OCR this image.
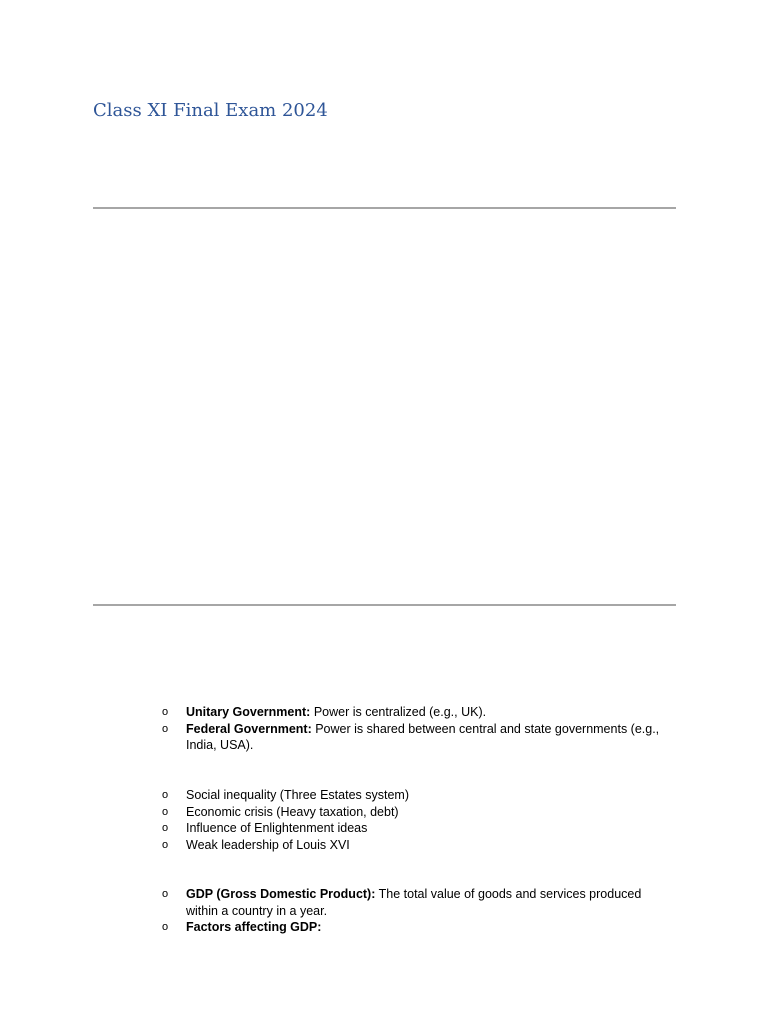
Class XI Final Exam 2024
o Unitary Government: Power is centralized (e.g., UK).
o Federal Government: Power is shared between central and state governments (e.g., India, USA).
o Social inequality (Three Estates system)
o Economic crisis (Heavy taxation, debt)
o Influence of Enlightenment ideas
o Weak leadership of Louis XVI
o GDP (Gross Domestic Product): The total value of goods and services produced within a country in a year.
o Factors affecting GDP:
